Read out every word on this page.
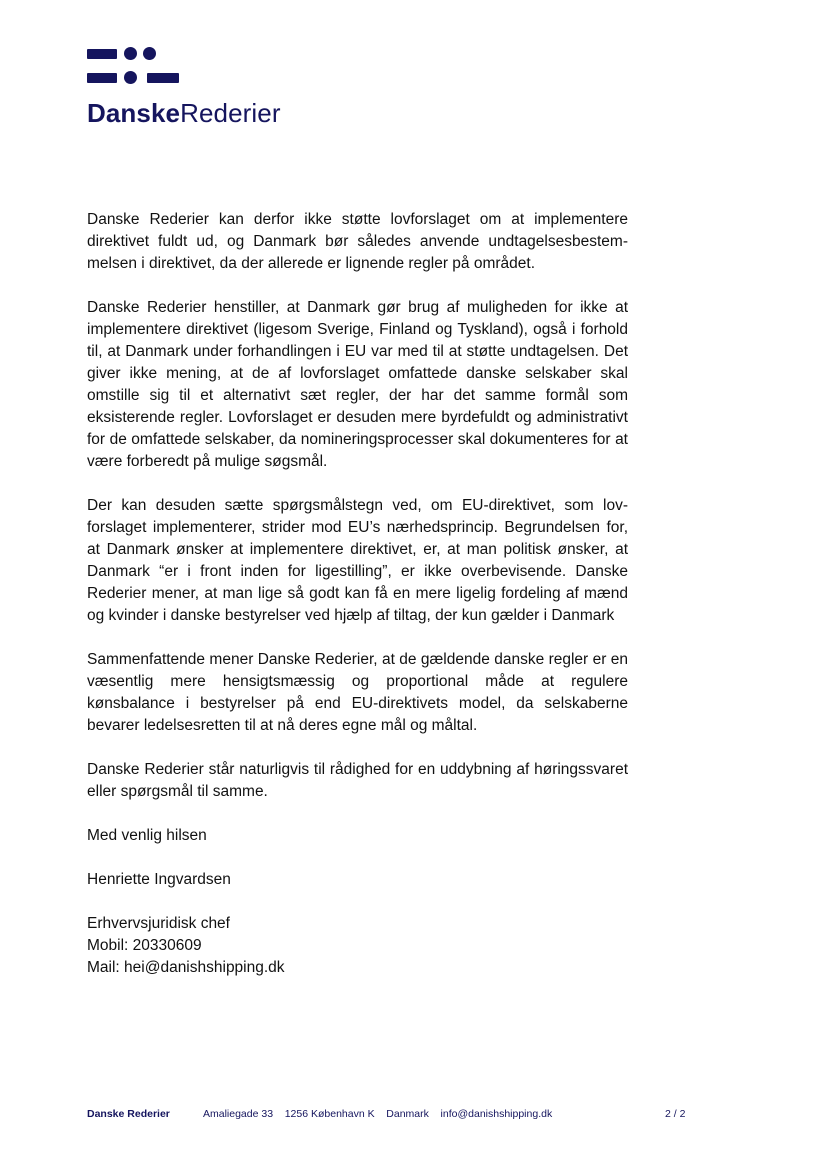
DanskeRederier

Danske Rederier kan derfor ikke støtte lovforslaget om at implementere direktivet fuldt ud, og Danmark bør således anvende undtagelsesbestemmelsen i direktivet, da der allerede er lignende regler på området.

Danske Rederier henstiller, at Danmark gør brug af muligheden for ikke at implementere direktivet (ligesom Sverige, Finland og Tyskland), også i forhold til, at Danmark under forhandlingen i EU var med til at støtte undtagelsen. Det giver ikke mening, at de af lovforslaget omfattede danske selskaber skal omstille sig til et alternativt sæt regler, der har det samme formål som eksisterende regler. Lovforslaget er desuden mere byrdefuldt og administrativt for de omfattede selskaber, da nomineringsprocesser skal dokumenteres for at være forberedt på mulige søgsmål.

Der kan desuden sætte spørgsmålstegn ved, om EU-direktivet, som lovforslaget implementerer, strider mod EU’s nærhedsprincip. Begrundelsen for, at Danmark ønsker at implementere direktivet, er, at man politisk ønsker, at Danmark “er i front inden for ligestilling”, er ikke overbevisende. Danske Rederier mener, at man lige så godt kan få en mere ligelig fordeling af mænd og kvinder i danske bestyrelser ved hjælp af tiltag, der kun gælder i Danmark

Sammenfattende mener Danske Rederier, at de gældende danske regler er en væsentlig mere hensigtsmæssig og proportional måde at regulere kønsbalance i bestyrelser på end EU-direktivets model, da selskaberne bevarer ledelsesretten til at nå deres egne mål og måltal.

Danske Rederier står naturligvis til rådighed for en uddybning af høringssvaret eller spørgsmål til samme.

Med venlig hilsen

Henriette Ingvardsen

Erhvervsjuridisk chef
Mobil: 20330609
Mail: hei@danishshipping.dk

Danske Rederier	Amaliegade 33    1256 København K    Danmark    info@danishshipping.dk	2 / 2
